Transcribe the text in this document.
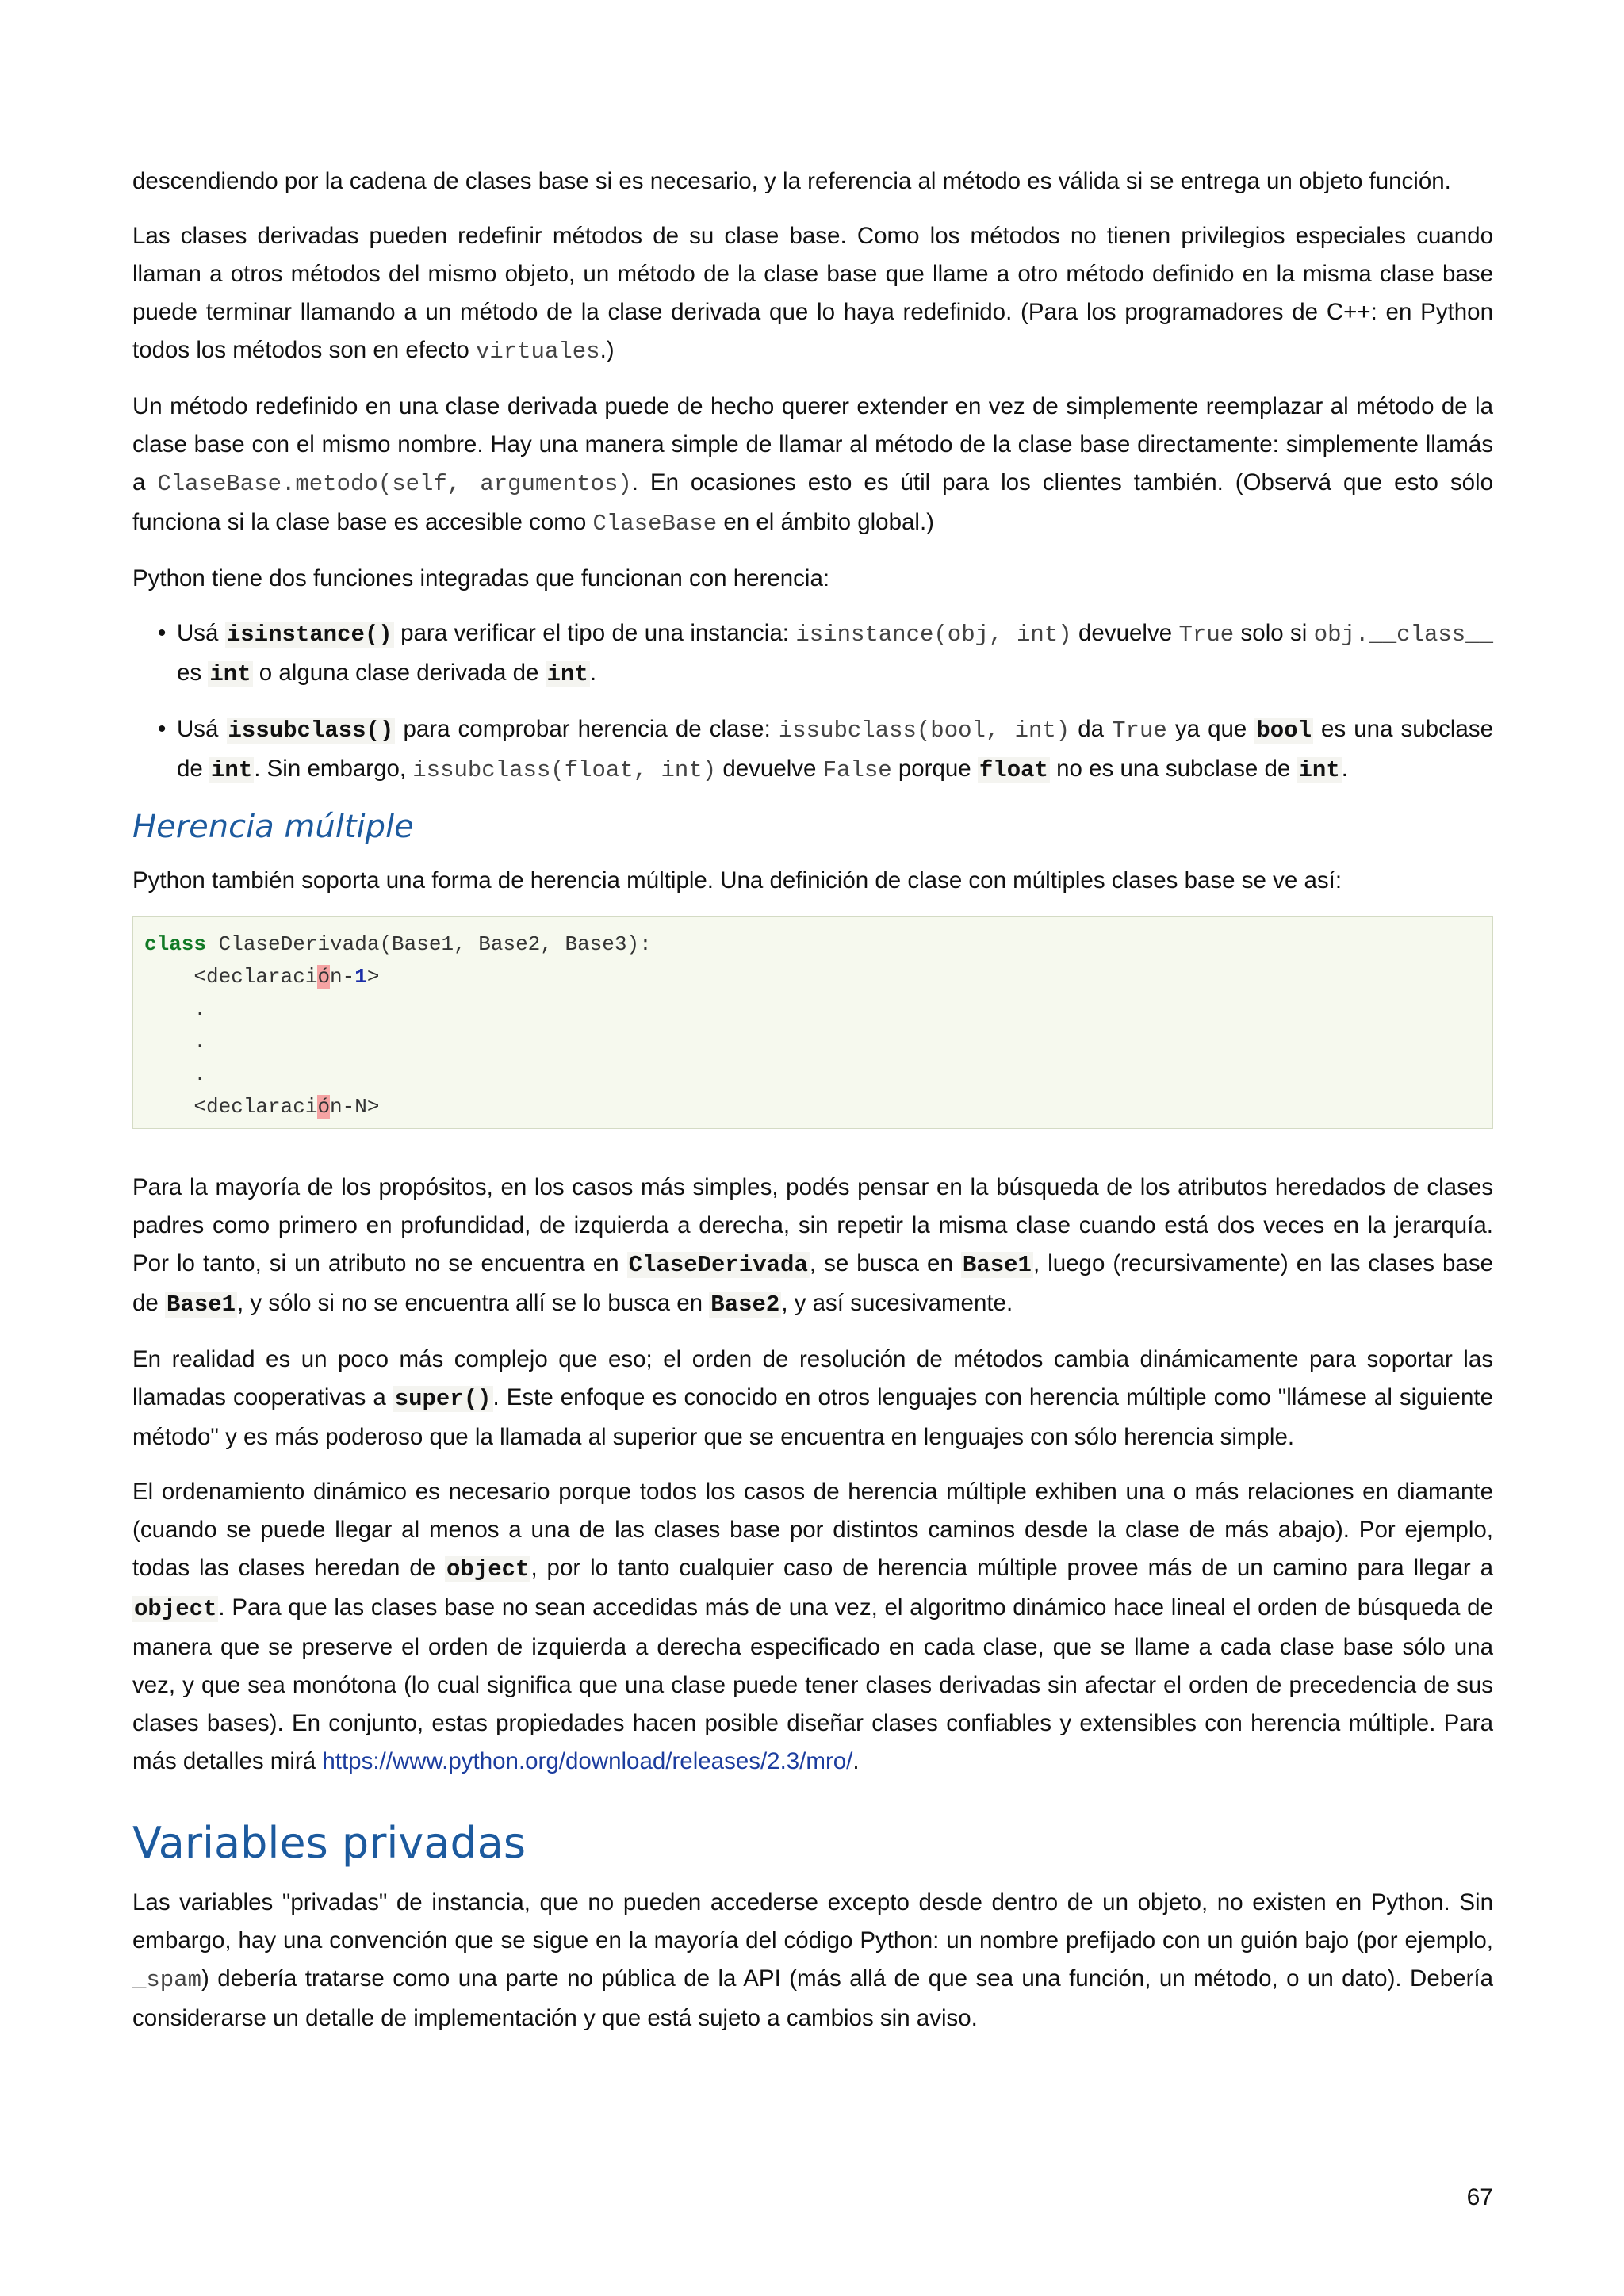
descendiendo por la cadena de clases base si es necesario, y la referencia al método es válida si se entrega un objeto función.

Las clases derivadas pueden redefinir métodos de su clase base. Como los métodos no tienen privilegios especiales cuando llaman a otros métodos del mismo objeto, un método de la clase base que llame a otro método definido en la misma clase base puede terminar llamando a un método de la clase derivada que lo haya redefinido. (Para los programadores de C++: en Python todos los métodos son en efecto virtuales.)

Un método redefinido en una clase derivada puede de hecho querer extender en vez de simplemente reemplazar al método de la clase base con el mismo nombre. Hay una manera simple de llamar al método de la clase base directamente: simplemente llamás a ClaseBase.metodo(self, argumentos). En ocasiones esto es útil para los clientes también. (Observá que esto sólo funciona si la clase base es accesible como ClaseBase en el ámbito global.)

Python tiene dos funciones integradas que funcionan con herencia:

• Usá isinstance() para verificar el tipo de una instancia: isinstance(obj, int) devuelve True solo si obj.__class__ es int o alguna clase derivada de int.
• Usá issubclass() para comprobar herencia de clase: issubclass(bool, int) da True ya que bool es una subclase de int. Sin embargo, issubclass(float, int) devuelve False porque float no es una subclase de int.
Herencia múltiple

Python también soporta una forma de herencia múltiple. Una definición de clase con múltiples clases base se ve así:

class ClaseDerivada(Base1, Base2, Base3):
<declaración-1>
.
.
.
<declaración-N>

Para la mayoría de los propósitos, en los casos más simples, podés pensar en la búsqueda de los atributos heredados de clases padres como primero en profundidad, de izquierda a derecha, sin repetir la misma clase cuando está dos veces en la jerarquía. Por lo tanto, si un atributo no se encuentra en ClaseDerivada, se busca en Base1, luego (recursivamente) en las clases base de Base1, y sólo si no se encuentra allí se lo busca en Base2, y así sucesivamente.

En realidad es un poco más complejo que eso; el orden de resolución de métodos cambia dinámicamente para soportar las llamadas cooperativas a super(). Este enfoque es conocido en otros lenguajes con herencia múltiple como "llámese al siguiente método" y es más poderoso que la llamada al superior que se encuentra en lenguajes con sólo herencia simple.

El ordenamiento dinámico es necesario porque todos los casos de herencia múltiple exhiben una o más relaciones en diamante (cuando se puede llegar al menos a una de las clases base por distintos caminos desde la clase de más abajo). Por ejemplo, todas las clases heredan de object, por lo tanto cualquier caso de herencia múltiple provee más de un camino para llegar a object. Para que las clases base no sean accedidas más de una vez, el algoritmo dinámico hace lineal el orden de búsqueda de manera que se preserve el orden de izquierda a derecha especificado en cada clase, que se llame a cada clase base sólo una vez, y que sea monótona (lo cual significa que una clase puede tener clases derivadas sin afectar el orden de precedencia de sus clases bases). En conjunto, estas propiedades hacen posible diseñar clases confiables y extensibles con herencia múltiple. Para más detalles mirá https://www.python.org/download/releases/2.3/mro/.

Variables privadas

Las variables "privadas" de instancia, que no pueden accederse excepto desde dentro de un objeto, no existen en Python. Sin embargo, hay una convención que se sigue en la mayoría del código Python: un nombre prefijado con un guión bajo (por ejemplo, _spam) debería tratarse como una parte no pública de la API (más allá de que sea una función, un método, o un dato). Debería considerarse un detalle de implementación y que está sujeto a cambios sin aviso.

67
